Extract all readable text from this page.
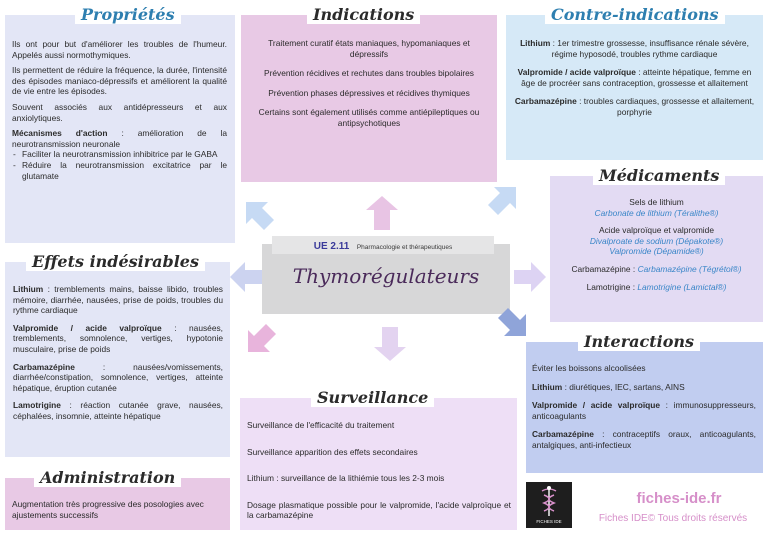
Propriétés

Ils ont pour but d'améliorer les troubles de l'humeur. Appelés aussi normothymiques.

Ils permettent de réduire la fréquence, la durée, l'intensité des épisodes maniaco-dépressifs et améliorent la qualité de vie entre les épisodes.

Souvent associés aux antidépresseurs et aux anxiolytiques.

Mécanismes d'action : amélioration de la neurotransmission neuronale

- Faciliter la neurotransmission inhibitrice par le GABA
- Réduire la neurotransmission excitatrice par le glutamate
Indications

Traitement curatif états maniaques, hypomaniaques et dépressifs

Prévention récidives et rechutes dans troubles bipolaires

Prévention phases dépressives et récidives thymiques

Certains sont également utilisés comme antiépileptiques ou antipsychotiques

Contre-indications

Lithium : 1er trimestre grossesse, insuffisance rénale sévère, régime hyposodé, troubles rythme cardiaque

Valpromide / acide valproïque : atteinte hépatique, femme en âge de procréer sans contraception, grossesse et allaitement

Carbamazépine : troubles cardiaques, grossesse et allaitement, porphyrie

Médicaments
Sels de lithium
Carbonate de lithium (Téralithe®)
Acide valproïque et valpromide
Divalproate de sodium (Dépakote®)
Valpromide (Dépamide®)
Carbamazépine : Carbamazépine (Tégrétol®)
Lamotrigine : Lamotrigine (Lamictal®)
UE 2.11 Pharmacologie et thérapeutiques
Thymorégulateurs
Effets indésirables

Lithium : tremblements mains, baisse libido, troubles mémoire, diarrhée, nausées, prise de poids, troubles du rythme cardiaque

Valpromide / acide valproïque : nausées, tremblements, somnolence, vertiges, hypotonie musculaire, prise de poids

Carbamazépine : nausées/vomissements, diarrhée/constipation, somnolence, vertiges, atteinte hépatique, éruption cutanée

Lamotrigine : réaction cutanée grave, nausées, céphalées, insomnie, atteinte hépatique

Interactions

Éviter les boissons alcoolisées

Lithium : diurétiques, IEC, sartans, AINS

Valpromide / acide valproïque : immunosuppresseurs, anticoagulants

Carbamazépine : contraceptifs oraux, anticoagulants, antalgiques, anti-infectieux

Surveillance

Surveillance de l'efficacité du traitement

Surveillance apparition des effets secondaires

Lithium : surveillance de la lithiémie tous les 2-3 mois

Dosage plasmatique possible pour le valpromide, l'acide valproïque et la carbamazépine

Administration
Augmentation très progressive des posologies avec ajustements successifs
FICHES IDE
fiches-ide.fr
Fiches IDE© Tous droits réservés
